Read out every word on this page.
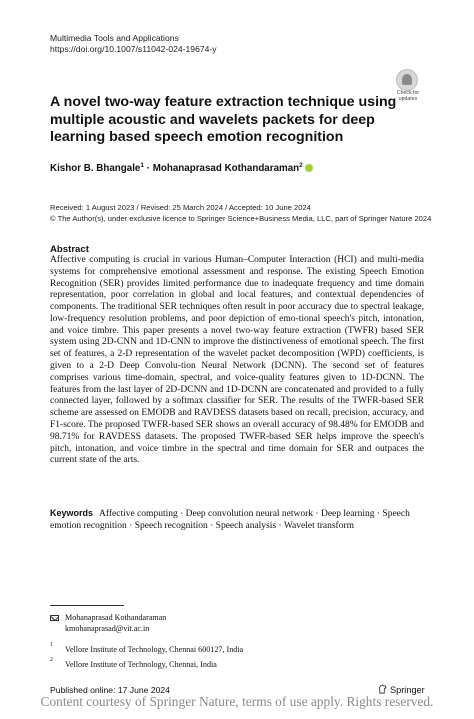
Multimedia Tools and Applications
https://doi.org/10.1007/s11042-024-19674-y
Check for
updates
A novel two-way feature extraction technique using multiple acoustic and wavelets packets for deep learning based speech emotion recognition
Kishor B. Bhangale$^1$ · Mohanaprasad Kothandaraman$^2$
Received: 1 August 2023 / Revised: 25 March 2024 / Accepted: 10 June 2024
© The Author(s), under exclusive licence to Springer Science+Business Media, LLC, part of Springer Nature 2024
Abstract

Affective computing is crucial in various Human–Computer Interaction (HCI) and multi-media systems for comprehensive emotional assessment and response. The existing Speech Emotion Recognition (SER) provides limited performance due to inadequate frequency and time domain representation, poor correlation in global and local features, and contextual dependencies of components. The traditional SER techniques often result in poor accuracy due to spectral leakage, low-frequency resolution problems, and poor depiction of emo-tional speech's pitch, intonation, and voice timbre. This paper presents a novel two-way feature extraction (TWFR) based SER system using 2D-CNN and 1D-CNN to improve the distinctiveness of emotional speech. The first set of features, a 2-D representation of the wavelet packet decomposition (WPD) coefficients, is given to a 2-D Deep Convolu-tion Neural Network (DCNN). The second set of features comprises various time-domain, spectral, and voice-quality features given to 1D-DCNN. The features from the last layer of 2D-DCNN and 1D-DCNN are concatenated and provided to a fully connected layer, followed by a softmax classifier for SER. The results of the TWFR-based SER scheme are assessed on EMODB and RAVDESS datasets based on recall, precision, accuracy, and F1-score. The proposed TWFR-based SER shows an overall accuracy of 98.48% for EMODB and 98.71% for RAVDESS datasets. The proposed TWFR-based SER helps improve the speech's pitch, intonation, and voice timbre in the spectral and time domain for SER and outpaces the current state of the arts.

Keywords Affective computing · Deep convolution neural network · Deep learning · Speech emotion recognition · Speech recognition · Speech analysis · Wavelet transform

Mohanaprasad Kothandaraman
kmohanaprasad@vit.ac.in
1 Vellore Institute of Technology, Chennai 600127, India
2 Vellore Institute of Technology, Chennai, India
Published online: 17 June 2024	Springer
Content courtesy of Springer Nature, terms of use apply. Rights reserved.
